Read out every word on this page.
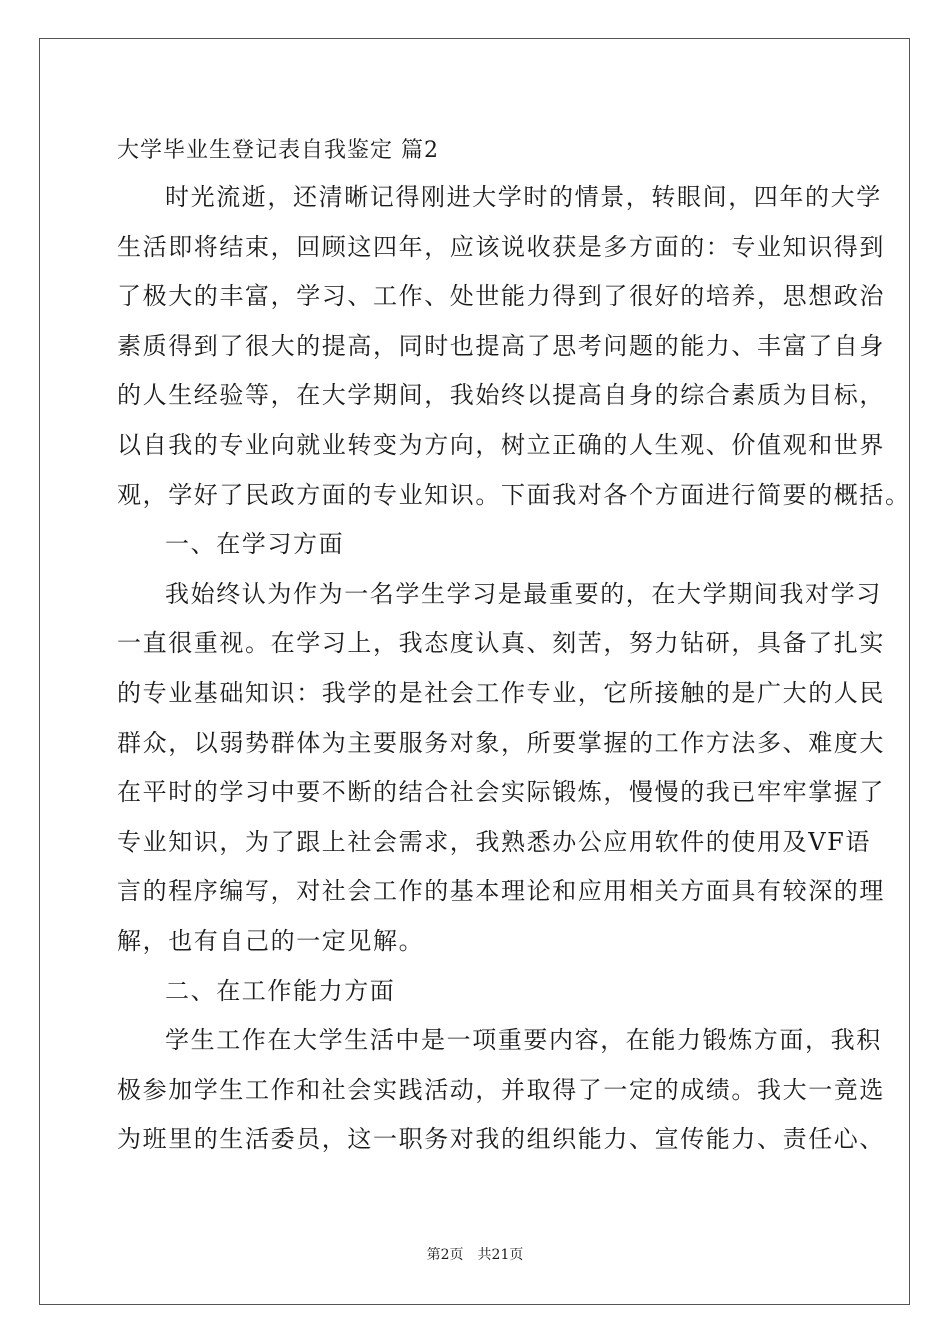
大学毕业生登记表自我鉴定 篇2

时光流逝，还清晰记得刚进大学时的情景，转眼间，四年的大学

生活即将结束，回顾这四年，应该说收获是多方面的：专业知识得到

了极大的丰富，学习、工作、处世能力得到了很好的培养，思想政治

素质得到了很大的提高，同时也提高了思考问题的能力、丰富了自身

的人生经验等，在大学期间，我始终以提高自身的综合素质为目标，

以自我的专业向就业转变为方向，树立正确的人生观、价值观和世界

观，学好了民政方面的专业知识。下面我对各个方面进行简要的概括。

一、在学习方面

我始终认为作为一名学生学习是最重要的，在大学期间我对学习

一直很重视。在学习上，我态度认真、刻苦，努力钻研，具备了扎实

的专业基础知识：我学的是社会工作专业，它所接触的是广大的人民

群众，以弱势群体为主要服务对象，所要掌握的工作方法多、难度大

在平时的学习中要不断的结合社会实际锻炼，慢慢的我已牢牢掌握了

专业知识，为了跟上社会需求，我熟悉办公应用软件的使用及VF语

言的程序编写，对社会工作的基本理论和应用相关方面具有较深的理

解，也有自己的一定见解。

二、在工作能力方面

学生工作在大学生活中是一项重要内容，在能力锻炼方面，我积

极参加学生工作和社会实践活动，并取得了一定的成绩。我大一竟选

为班里的生活委员，这一职务对我的组织能力、宣传能力、责任心、

第2页 共21页
